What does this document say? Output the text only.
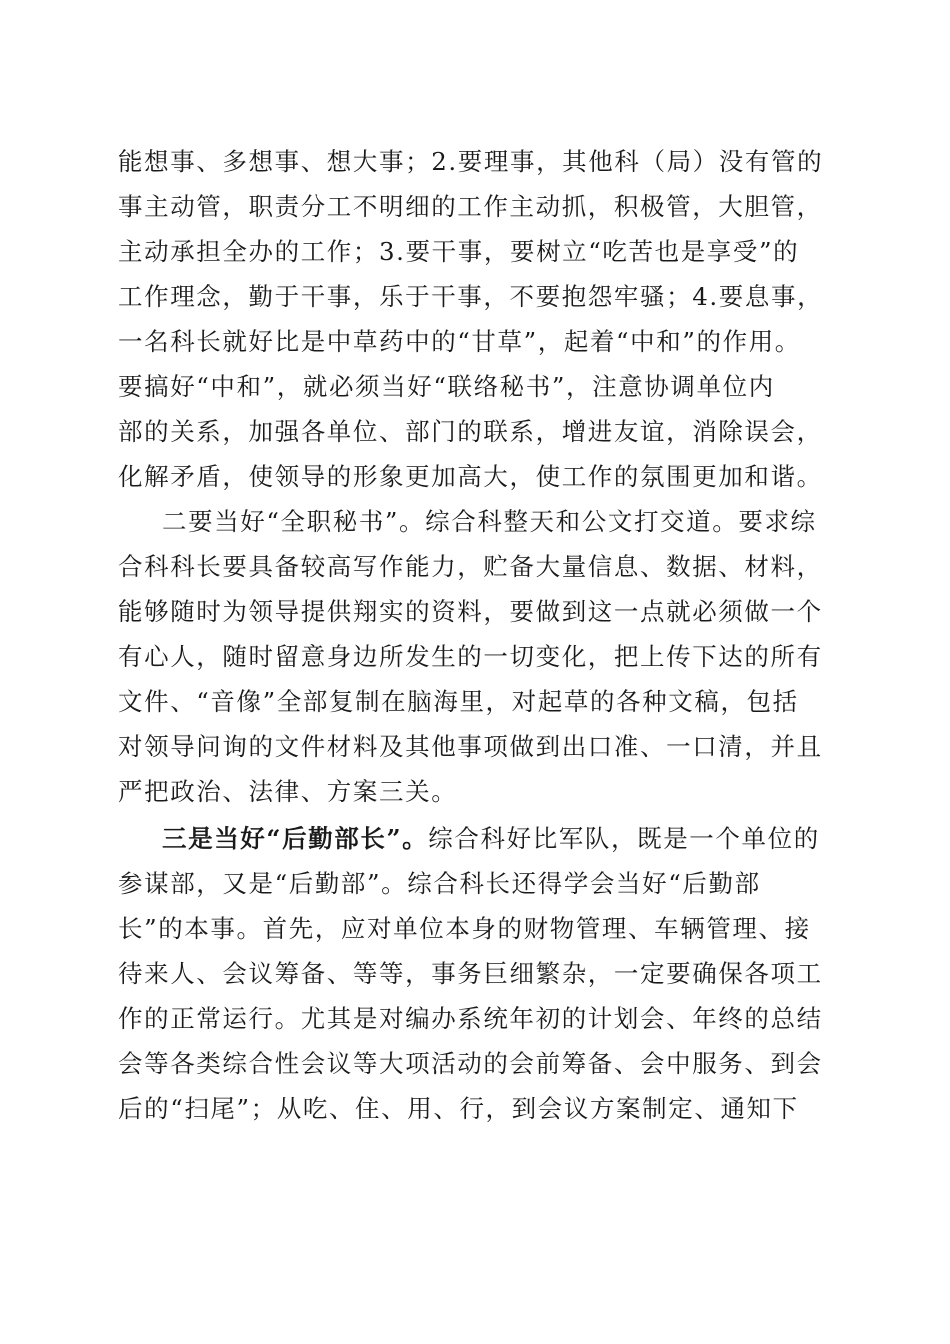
能想事、多想事、想大事；2.要理事，其他科（局）没有管的
事主动管，职责分工不明细的工作主动抓，积极管，大胆管，
主动承担全办的工作；3.要干事，要树立“吃苦也是享受”的
工作理念，勤于干事，乐于干事，不要抱怨牢骚；4.要息事，
一名科长就好比是中草药中的“甘草”，起着“中和”的作用。
要搞好“中和”，就必须当好“联络秘书”，注意协调单位内
部的关系，加强各单位、部门的联系，增进友谊，消除误会，
化解矛盾，使领导的形象更加高大，使工作的氛围更加和谐。
二要当好“全职秘书”。综合科整天和公文打交道。要求综
合科科长要具备较高写作能力，贮备大量信息、数据、材料，
能够随时为领导提供翔实的资料，要做到这一点就必须做一个
有心人，随时留意身边所发生的一切变化，把上传下达的所有
文件、“音像”全部复制在脑海里，对起草的各种文稿，包括
对领导问询的文件材料及其他事项做到出口准、一口清，并且
严把政治、法律、方案三关。
三是当好“后勤部长”。综合科好比军队，既是一个单位的
参谋部，又是“后勤部”。综合科长还得学会当好“后勤部
长”的本事。首先，应对单位本身的财物管理、车辆管理、接
待来人、会议筹备、等等，事务巨细繁杂，一定要确保各项工
作的正常运行。尤其是对编办系统年初的计划会、年终的总结
会等各类综合性会议等大项活动的会前筹备、会中服务、到会
后的“扫尾”；从吃、住、用、行，到会议方案制定、通知下
